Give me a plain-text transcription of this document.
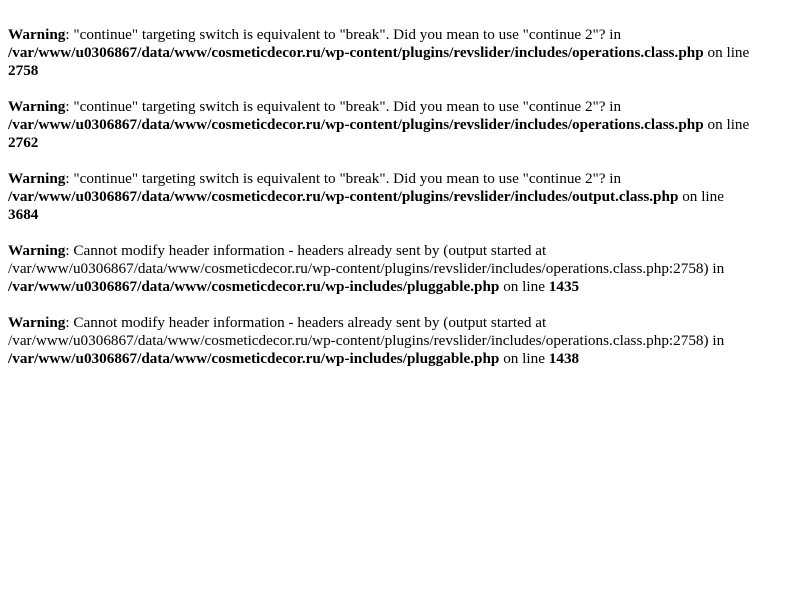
Warning: "continue" targeting switch is equivalent to "break". Did you mean to use "continue 2"? in
/var/www/u0306867/data/www/cosmeticdecor.ru/wp-content/plugins/revslider/includes/operations.class.php on line
2758
Warning: "continue" targeting switch is equivalent to "break". Did you mean to use "continue 2"? in
/var/www/u0306867/data/www/cosmeticdecor.ru/wp-content/plugins/revslider/includes/operations.class.php on line
2762
Warning: "continue" targeting switch is equivalent to "break". Did you mean to use "continue 2"? in
/var/www/u0306867/data/www/cosmeticdecor.ru/wp-content/plugins/revslider/includes/output.class.php on line
3684
Warning: Cannot modify header information - headers already sent by (output started at
/var/www/u0306867/data/www/cosmeticdecor.ru/wp-content/plugins/revslider/includes/operations.class.php:2758) in
/var/www/u0306867/data/www/cosmeticdecor.ru/wp-includes/pluggable.php on line 1435
Warning: Cannot modify header information - headers already sent by (output started at
/var/www/u0306867/data/www/cosmeticdecor.ru/wp-content/plugins/revslider/includes/operations.class.php:2758) in
/var/www/u0306867/data/www/cosmeticdecor.ru/wp-includes/pluggable.php on line 1438
